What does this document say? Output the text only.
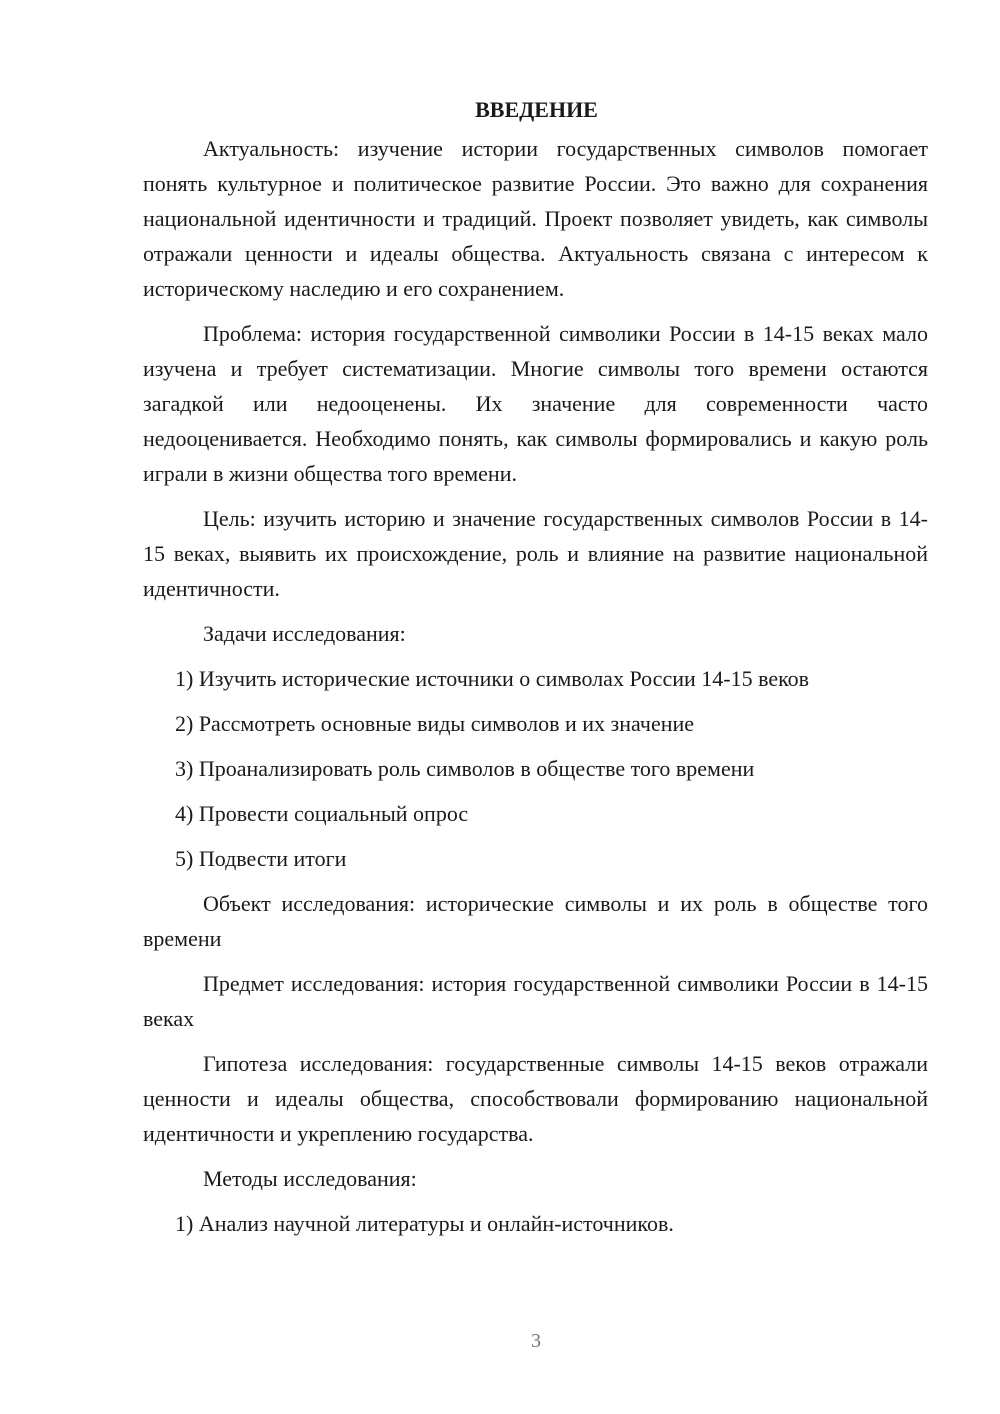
ВВЕДЕНИЕ

Актуальность: изучение истории государственных символов помогает понять культурное и политическое развитие России. Это важно для сохранения национальной идентичности и традиций. Проект позволяет увидеть, как символы отражали ценности и идеалы общества. Актуальность связана с интересом к историческому наследию и его сохранением.

Проблема: история государственной символики России в 14-15 веках мало изучена и требует систематизации. Многие символы того времени остаются загадкой или недооценены. Их значение для современности часто недооценивается. Необходимо понять, как символы формировались и какую роль играли в жизни общества того времени.

Цель: изучить историю и значение государственных символов России в 14-15 веках, выявить их происхождение, роль и влияние на развитие национальной идентичности.

Задачи исследования:

1) Изучить исторические источники о символах России 14-15 веков
2) Рассмотреть основные виды символов и их значение
3) Проанализировать роль символов в обществе того времени
4) Провести социальный опрос
5) Подвести итоги

Объект исследования: исторические символы и их роль в обществе того времени

Предмет исследования: история государственной символики России в 14-15 веках

Гипотеза исследования: государственные символы 14-15 веков отражали ценности и идеалы общества, способствовали формированию национальной идентичности и укреплению государства.

Методы исследования:

1) Анализ научной литературы и онлайн-источников.
3
